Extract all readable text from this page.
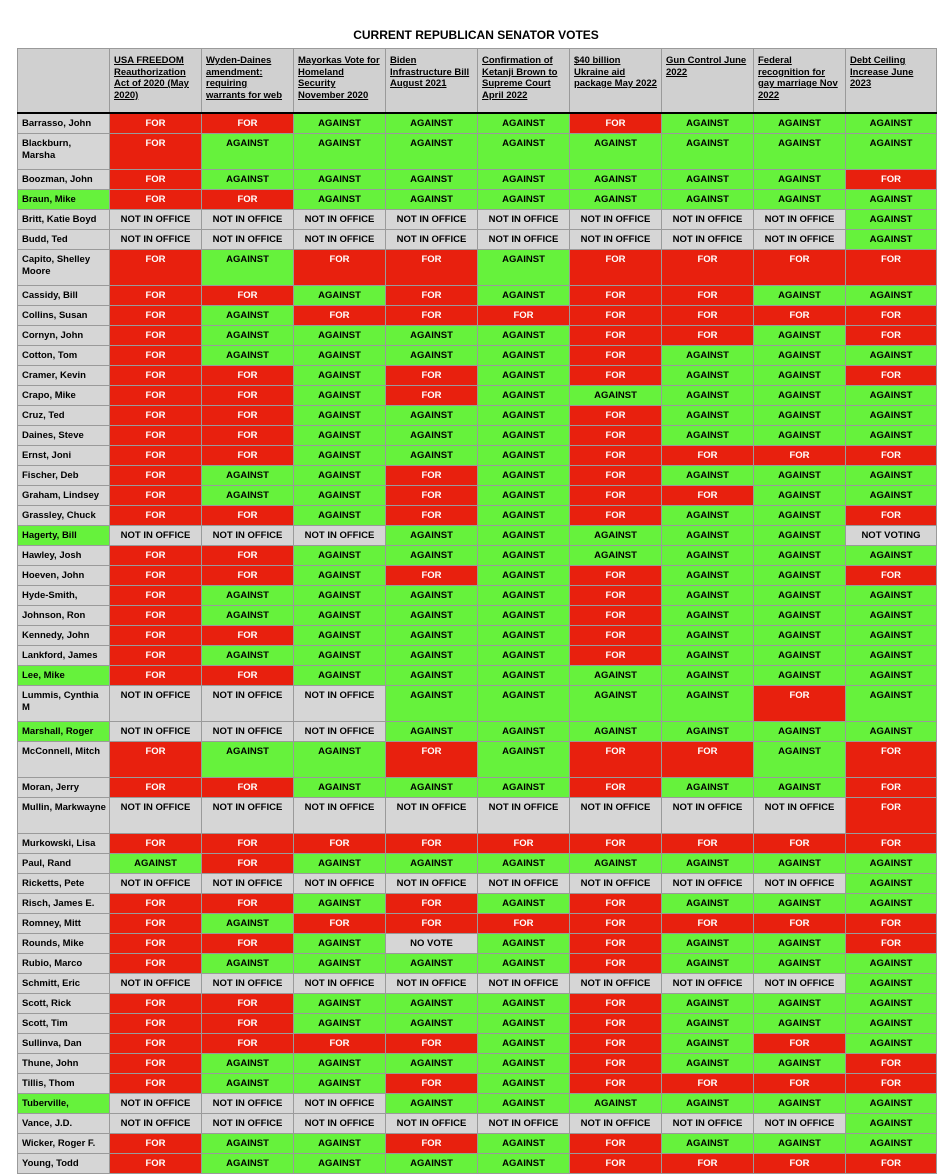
CURRENT REPUBLICAN SENATOR VOTES
	USA FREEDOM Reauthorization Act of 2020 (May 2020)	Wyden-Daines amendment: requiring warrants for web	Mayorkas Vote for Homeland Security November 2020	Biden Infrastructure Bill August 2021	Confirmation of Ketanji Brown to Supreme Court April 2022	$40 billion Ukraine aid package May 2022	Gun Control June 2022	Federal recognition for gay marriage Nov 2022	Debt Ceiling Increase June 2023
Barrasso, John	FOR	FOR	AGAINST	AGAINST	AGAINST	FOR	AGAINST	AGAINST	AGAINST
Blackburn, Marsha	FOR	AGAINST	AGAINST	AGAINST	AGAINST	AGAINST	AGAINST	AGAINST	AGAINST
Boozman, John	FOR	AGAINST	AGAINST	AGAINST	AGAINST	AGAINST	AGAINST	AGAINST	FOR
Braun, Mike	FOR	FOR	AGAINST	AGAINST	AGAINST	AGAINST	AGAINST	AGAINST	AGAINST
Britt, Katie Boyd	NOT IN OFFICE	NOT IN OFFICE	NOT IN OFFICE	NOT IN OFFICE	NOT IN OFFICE	NOT IN OFFICE	NOT IN OFFICE	NOT IN OFFICE	AGAINST
Budd, Ted	NOT IN OFFICE	NOT IN OFFICE	NOT IN OFFICE	NOT IN OFFICE	NOT IN OFFICE	NOT IN OFFICE	NOT IN OFFICE	NOT IN OFFICE	AGAINST
Capito, Shelley Moore	FOR	AGAINST	FOR	FOR	AGAINST	FOR	FOR	FOR	FOR
Cassidy, Bill	FOR	FOR	AGAINST	FOR	AGAINST	FOR	FOR	AGAINST	AGAINST
Collins, Susan	FOR	AGAINST	FOR	FOR	FOR	FOR	FOR	FOR	FOR
Cornyn, John	FOR	AGAINST	AGAINST	AGAINST	AGAINST	FOR	FOR	AGAINST	FOR
Cotton, Tom	FOR	AGAINST	AGAINST	AGAINST	AGAINST	FOR	AGAINST	AGAINST	AGAINST
Cramer, Kevin	FOR	FOR	AGAINST	FOR	AGAINST	FOR	AGAINST	AGAINST	FOR
Crapo, Mike	FOR	FOR	AGAINST	FOR	AGAINST	AGAINST	AGAINST	AGAINST	AGAINST
Cruz, Ted	FOR	FOR	AGAINST	AGAINST	AGAINST	FOR	AGAINST	AGAINST	AGAINST
Daines, Steve	FOR	FOR	AGAINST	AGAINST	AGAINST	FOR	AGAINST	AGAINST	AGAINST
Ernst, Joni	FOR	FOR	AGAINST	AGAINST	AGAINST	FOR	FOR	FOR	FOR
Fischer, Deb	FOR	AGAINST	AGAINST	FOR	AGAINST	FOR	AGAINST	AGAINST	AGAINST
Graham, Lindsey	FOR	AGAINST	AGAINST	FOR	AGAINST	FOR	FOR	AGAINST	AGAINST
Grassley, Chuck	FOR	FOR	AGAINST	FOR	AGAINST	FOR	AGAINST	AGAINST	FOR
Hagerty, Bill	NOT IN OFFICE	NOT IN OFFICE	NOT IN OFFICE	AGAINST	AGAINST	AGAINST	AGAINST	AGAINST	NOT VOTING
Hawley, Josh	FOR	FOR	AGAINST	AGAINST	AGAINST	AGAINST	AGAINST	AGAINST	AGAINST
Hoeven, John	FOR	FOR	AGAINST	FOR	AGAINST	FOR	AGAINST	AGAINST	FOR
Hyde-Smith,	FOR	AGAINST	AGAINST	AGAINST	AGAINST	FOR	AGAINST	AGAINST	AGAINST
Johnson, Ron	FOR	AGAINST	AGAINST	AGAINST	AGAINST	FOR	AGAINST	AGAINST	AGAINST
Kennedy, John	FOR	FOR	AGAINST	AGAINST	AGAINST	FOR	AGAINST	AGAINST	AGAINST
Lankford, James	FOR	AGAINST	AGAINST	AGAINST	AGAINST	FOR	AGAINST	AGAINST	AGAINST
Lee, Mike	FOR	FOR	AGAINST	AGAINST	AGAINST	AGAINST	AGAINST	AGAINST	AGAINST
Lummis, Cynthia M	NOT IN OFFICE	NOT IN OFFICE	NOT IN OFFICE	AGAINST	AGAINST	AGAINST	AGAINST	FOR	AGAINST
Marshall, Roger	NOT IN OFFICE	NOT IN OFFICE	NOT IN OFFICE	AGAINST	AGAINST	AGAINST	AGAINST	AGAINST	AGAINST
McConnell, Mitch	FOR	AGAINST	AGAINST	FOR	AGAINST	FOR	FOR	AGAINST	FOR
Moran, Jerry	FOR	FOR	AGAINST	AGAINST	AGAINST	FOR	AGAINST	AGAINST	FOR
Mullin, Markwayne	NOT IN OFFICE	NOT IN OFFICE	NOT IN OFFICE	NOT IN OFFICE	NOT IN OFFICE	NOT IN OFFICE	NOT IN OFFICE	NOT IN OFFICE	FOR
Murkowski, Lisa	FOR	FOR	FOR	FOR	FOR	FOR	FOR	FOR	FOR
Paul, Rand	AGAINST	FOR	AGAINST	AGAINST	AGAINST	AGAINST	AGAINST	AGAINST	AGAINST
Ricketts, Pete	NOT IN OFFICE	NOT IN OFFICE	NOT IN OFFICE	NOT IN OFFICE	NOT IN OFFICE	NOT IN OFFICE	NOT IN OFFICE	NOT IN OFFICE	AGAINST
Risch, James E.	FOR	FOR	AGAINST	FOR	AGAINST	FOR	AGAINST	AGAINST	AGAINST
Romney, Mitt	FOR	AGAINST	FOR	FOR	FOR	FOR	FOR	FOR	FOR
Rounds, Mike	FOR	FOR	AGAINST	NO VOTE	AGAINST	FOR	AGAINST	AGAINST	FOR
Rubio, Marco	FOR	AGAINST	AGAINST	AGAINST	AGAINST	FOR	AGAINST	AGAINST	AGAINST
Schmitt, Eric	NOT IN OFFICE	NOT IN OFFICE	NOT IN OFFICE	NOT IN OFFICE	NOT IN OFFICE	NOT IN OFFICE	NOT IN OFFICE	NOT IN OFFICE	AGAINST
Scott, Rick	FOR	FOR	AGAINST	AGAINST	AGAINST	FOR	AGAINST	AGAINST	AGAINST
Scott, Tim	FOR	FOR	AGAINST	AGAINST	AGAINST	FOR	AGAINST	AGAINST	AGAINST
Sullinva, Dan	FOR	FOR	FOR	FOR	AGAINST	FOR	AGAINST	FOR	AGAINST
Thune, John	FOR	AGAINST	AGAINST	AGAINST	AGAINST	FOR	AGAINST	AGAINST	FOR
Tillis, Thom	FOR	AGAINST	AGAINST	FOR	AGAINST	FOR	FOR	FOR	FOR
Tuberville,	NOT IN OFFICE	NOT IN OFFICE	NOT IN OFFICE	AGAINST	AGAINST	AGAINST	AGAINST	AGAINST	AGAINST
Vance, J.D.	NOT IN OFFICE	NOT IN OFFICE	NOT IN OFFICE	NOT IN OFFICE	NOT IN OFFICE	NOT IN OFFICE	NOT IN OFFICE	NOT IN OFFICE	AGAINST
Wicker, Roger F.	FOR	AGAINST	AGAINST	FOR	AGAINST	FOR	AGAINST	AGAINST	AGAINST
Young, Todd	FOR	AGAINST	AGAINST	AGAINST	AGAINST	FOR	FOR	FOR	FOR
